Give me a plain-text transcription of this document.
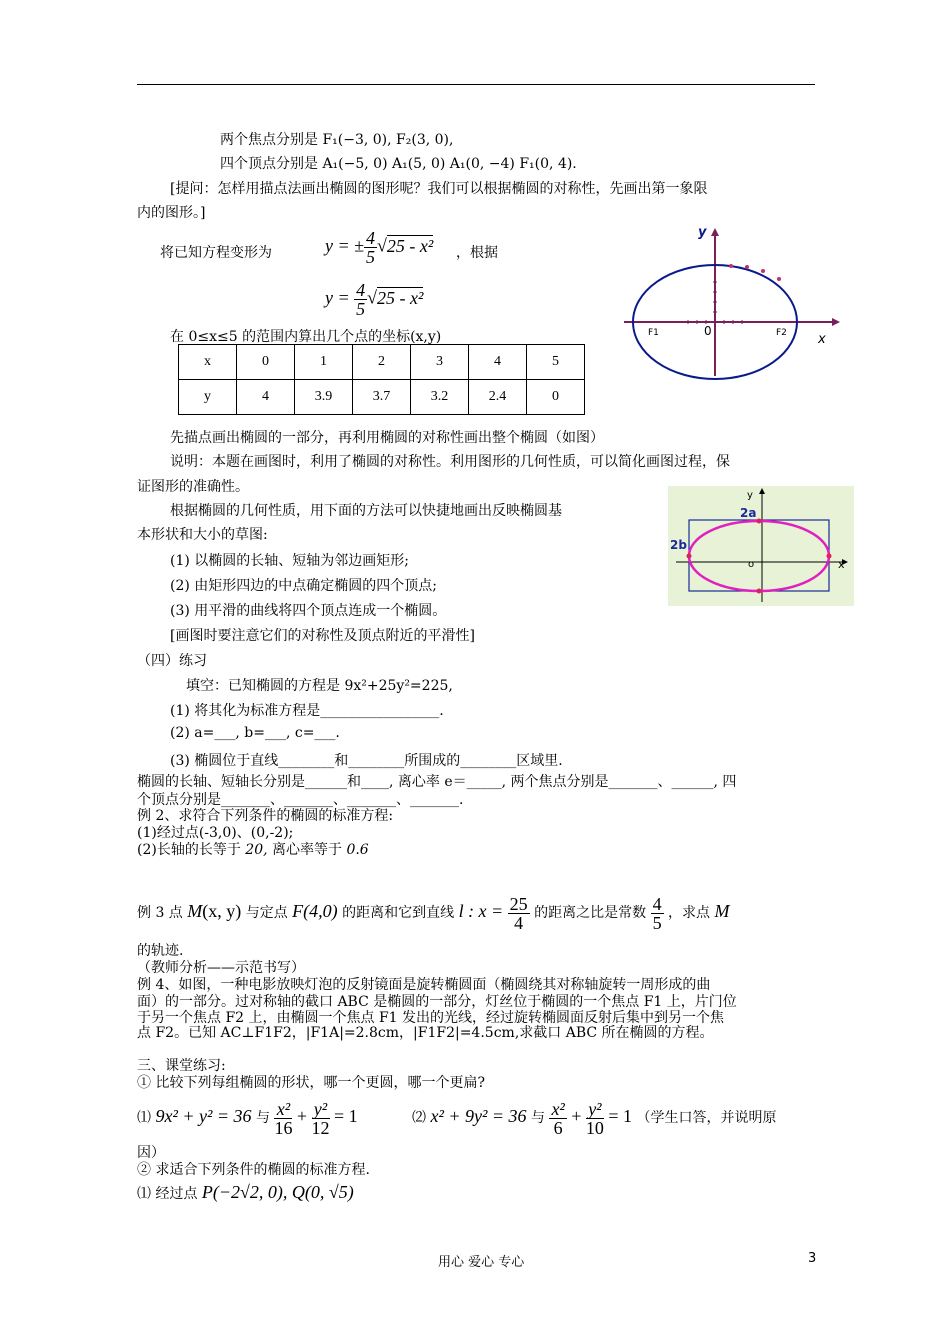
两个焦点分别是 F₁(−3, 0), F₂(3, 0),
四个顶点分别是 A₁(−5, 0) A₁(5, 0) A₁(0, −4) F₁(0, 4).
[提问：怎样用描点法画出椭圆的图形呢？我们可以根据椭圆的对称性，先画出第一象限
内的图形。]
将已知方程变形为	y = ± $\frac{4}{5} √25 - x^2$ ，根据
$y = \frac{4}{5} √25 - x^2$
在 0≤x≤5 的范围内算出几个点的坐标(x,y)
x	0	1	2	3	4	5
y	4	3.9	3.7	3.2	2.4	0
y
x
0
F1	F2
先描点画出椭圆的一部分，再利用椭圆的对称性画出整个椭圆（如图）
说明：本题在画图时，利用了椭圆的对称性。利用图形的几何性质，可以简化画图过程，保
证图形的准确性。
根据椭圆的几何性质，用下面的方法可以快捷地画出反映椭圆基
本形状和大小的草图:
(1) 以椭圆的长轴、短轴为邻边画矩形;
(2) 由矩形四边的中点确定椭圆的四个顶点;
(3) 用平滑的曲线将四个顶点连成一个椭圆。
[画图时要注意它们的对称性及顶点附近的平滑性]
y
x
o
2a
2b
（四）练习
填空：已知椭圆的方程是 9x²+25y²=225,
(1) 将其化为标准方程是_________________.
(2) a=___, b=___, c=___.
(3) 椭圆位于直线________和________所围成的________区域里.
椭圆的长轴、短轴长分别是______和____, 离心率 e＝_____, 两个焦点分别是_______、______, 四
个顶点分别是_______、_______、_______、_______.
例 2、求符合下列条件的椭圆的标准方程:
(1)经过点(-3,0)、(0,-2);
(2)长轴的长等于 20, 离心率等于 0.6
例 3 点 M(x, y) 与定点 F(4,0) 的距离和它到直线 l : $x = \frac{25}{4}$ 的距离之比是常数 $\frac{4}{5}$ ，求点 M
的轨迹.
（教师分析——示范书写）
例 4、如图，一种电影放映灯泡的反射镜面是旋转椭圆面（椭圆绕其对称轴旋转一周形成的曲
面）的一部分。过对称轴的截口 ABC 是椭圆的一部分，灯丝位于椭圆的一个焦点 F1 上，片门位
于另一个焦点 F2 上，由椭圆一个焦点 F1 发出的光线，经过旋转椭圆面反射后集中到另一个焦
点 F2。已知 AC⊥F1F2，|F1A|=2.8cm，|F1F2|=4.5cm,求截口 ABC 所在椭圆的方程。
三、课堂练习:
① 比较下列每组椭圆的形状，哪一个更圆，哪一个更扁?
⑴ 9x² + y² = 36 与 $\frac{\text{x²}}{16} + \frac{\text{y²}}{12} = 1$	⑵ x² + 9y² = 36 与 $\frac{\text{x²}}{6} + \frac{\text{y²}}{10} = 1$ （学生口答，并说明原
因）
② 求适合下列条件的椭圆的标准方程.
⑴ 经过点 P(−2√2, 0), Q(0, √5)
用心 爱心 专心	3
